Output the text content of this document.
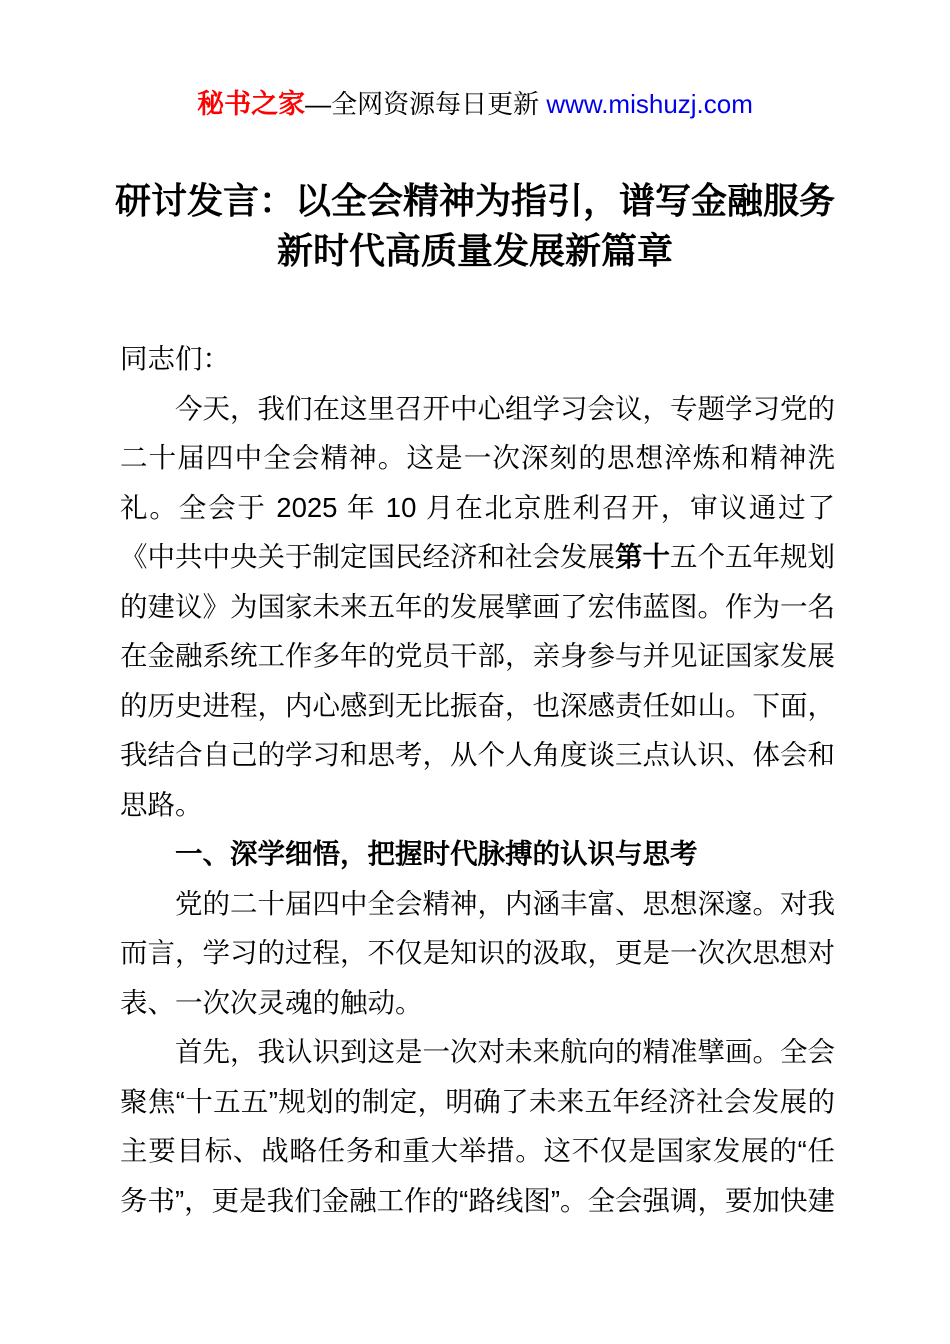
秘书之家—全网资源每日更新 www.mishuzj.com
研讨发言：以全会精神为指引，谱写金融服务
新时代高质量发展新篇章

同志们：

今天，我们在这里召开中心组学习会议，专题学习党的二十届四中全会精神。这是一次深刻的思想淬炼和精神洗礼。全会于 2025 年 10 月在北京胜利召开，审议通过了《中共中央关于制定国民经济和社会发展第十五个五年规划的建议》为国家未来五年的发展擘画了宏伟蓝图。作为一名在金融系统工作多年的党员干部，亲身参与并见证国家发展的历史进程，内心感到无比振奋，也深感责任如山。下面，我结合自己的学习和思考，从个人角度谈三点认识、体会和思路。

一、深学细悟，把握时代脉搏的认识与思考

党的二十届四中全会精神，内涵丰富、思想深邃。对我而言，学习的过程，不仅是知识的汲取，更是一次次思想对表、一次次灵魂的触动。

首先，我认识到这是一次对未来航向的精准擘画。全会聚焦“十五五”规划的制定，明确了未来五年经济社会发展的主要目标、战略任务和重大举措。这不仅是国家发展的“任务书”，更是我们金融工作的“路线图”。全会强调，要加快建
